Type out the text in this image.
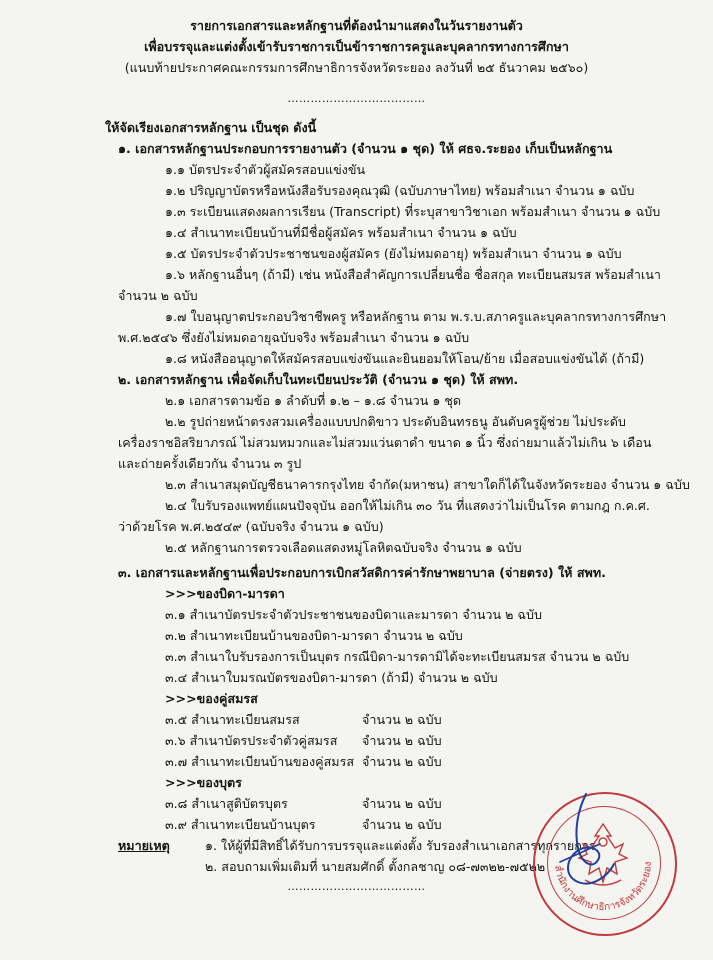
รายการเอกสารและหลักฐานที่ต้องนำมาแสดงในวันรายงานตัว
เพื่อบรรจุและแต่งตั้งเข้ารับราชการเป็นข้าราชการครูและบุคลากรทางการศึกษา
(แนบท้ายประกาศคณะกรรมการศึกษาธิการจังหวัดระยอง ลงวันที่ ๒๕ ธันวาคม ๒๕๖๐)
………………………………
ให้จัดเรียงเอกสารหลักฐาน เป็นชุด ดังนี้
๑. เอกสารหลักฐานประกอบการรายงานตัว (จำนวน ๑ ชุด) ให้ ศธจ.ระยอง เก็บเป็นหลักฐาน
๑.๑ บัตรประจำตัวผู้สมัครสอบแข่งขัน
๑.๒ ปริญญาบัตรหรือหนังสือรับรองคุณวุฒิ (ฉบับภาษาไทย) พร้อมสำเนา จำนวน ๑ ฉบับ
๑.๓ ระเบียนแสดงผลการเรียน (Transcript) ที่ระบุสาขาวิชาเอก พร้อมสำเนา จำนวน ๑ ฉบับ
๑.๔ สำเนาทะเบียนบ้านที่มีชื่อผู้สมัคร พร้อมสำเนา จำนวน ๑ ฉบับ
๑.๕ บัตรประจำตัวประชาชนของผู้สมัคร (ยังไม่หมดอายุ) พร้อมสำเนา จำนวน ๑ ฉบับ
๑.๖ หลักฐานอื่นๆ (ถ้ามี) เช่น หนังสือสำคัญการเปลี่ยนชื่อ ชื่อสกุล ทะเบียนสมรส พร้อมสำเนา
จำนวน ๒ ฉบับ
๑.๗ ใบอนุญาตประกอบวิชาชีพครู หรือหลักฐาน ตาม พ.ร.บ.สภาครูและบุคลากรทางการศึกษา
พ.ศ.๒๕๔๖ ซึ่งยังไม่หมดอายุฉบับจริง พร้อมสำเนา จำนวน ๑ ฉบับ
๑.๘ หนังสืออนุญาตให้สมัครสอบแข่งขันและยินยอมให้โอน/ย้าย เมื่อสอบแข่งขันได้ (ถ้ามี)
๒. เอกสารหลักฐาน เพื่อจัดเก็บในทะเบียนประวัติ (จำนวน ๑ ชุด) ให้ สพท.
๒.๑ เอกสารตามข้อ ๑ ลำดับที่ ๑.๒ – ๑.๘ จำนวน ๑ ชุด
๒.๒ รูปถ่ายหน้าตรงสวมเครื่องแบบปกติขาว ประดับอินทรธนู อันดับครูผู้ช่วย ไม่ประดับ
เครื่องราชอิสริยาภรณ์ ไม่สวมหมวกและไม่สวมแว่นตาดำ ขนาด ๑ นิ้ว ซึ่งถ่ายมาแล้วไม่เกิน ๖ เดือน
และถ่ายครั้งเดียวกัน จำนวน ๓ รูป
๒.๓ สำเนาสมุดบัญชีธนาคารกรุงไทย จำกัด(มหาชน) สาขาใดก็ได้ในจังหวัดระยอง จำนวน ๑ ฉบับ
๒.๔ ใบรับรองแพทย์แผนปัจจุบัน ออกให้ไม่เกิน ๓๐ วัน ที่แสดงว่าไม่เป็นโรค ตามกฎ ก.ค.ศ.
ว่าด้วยโรค พ.ศ.๒๕๔๙ (ฉบับจริง จำนวน ๑ ฉบับ)
๒.๕ หลักฐานการตรวจเลือดแสดงหมู่โลหิตฉบับจริง จำนวน ๑ ฉบับ
๓. เอกสารและหลักฐานเพื่อประกอบการเบิกสวัสดิการค่ารักษาพยาบาล (จ่ายตรง) ให้ สพท.
>>>ของบิดา-มารดา
๓.๑ สำเนาบัตรประจำตัวประชาชนของบิดาและมารดา จำนวน ๒ ฉบับ
๓.๒ สำเนาทะเบียนบ้านของบิดา-มารดา จำนวน ๒ ฉบับ
๓.๓ สำเนาใบรับรองการเป็นบุตร กรณีบิดา-มารดามิได้จะทะเบียนสมรส จำนวน ๒ ฉบับ
๓.๔ สำเนาใบมรณบัตรของบิดา-มารดา (ถ้ามี) จำนวน ๒ ฉบับ
>>>ของคู่สมรส
๓.๕ สำเนาทะเบียนสมรส	จำนวน ๒ ฉบับ
๓.๖ สำเนาบัตรประจำตัวคู่สมรส จำนวน ๒ ฉบับ
๓.๗ สำเนาทะเบียนบ้านของคู่สมรส จำนวน ๒ ฉบับ
>>>ของบุตร
๓.๘ สำเนาสูติบัตรบุตร	จำนวน ๒ ฉบับ
๓.๙ สำเนาทะเบียนบ้านบุตร	จำนวน ๒ ฉบับ
หมายเหตุ	๑. ให้ผู้ที่มีสิทธิ์ได้รับการบรรจุและแต่งตั้ง รับรองสำเนาเอกสารทุกรายการ
๒. สอบถามเพิ่มเติมที่ นายสมศักดิ์ ตั้งกลชาญ ๐๘-๗๓๒๒-๗๕๒๒
………………………………
สำนักงานศึกษาธิการจังหวัดระยอง
